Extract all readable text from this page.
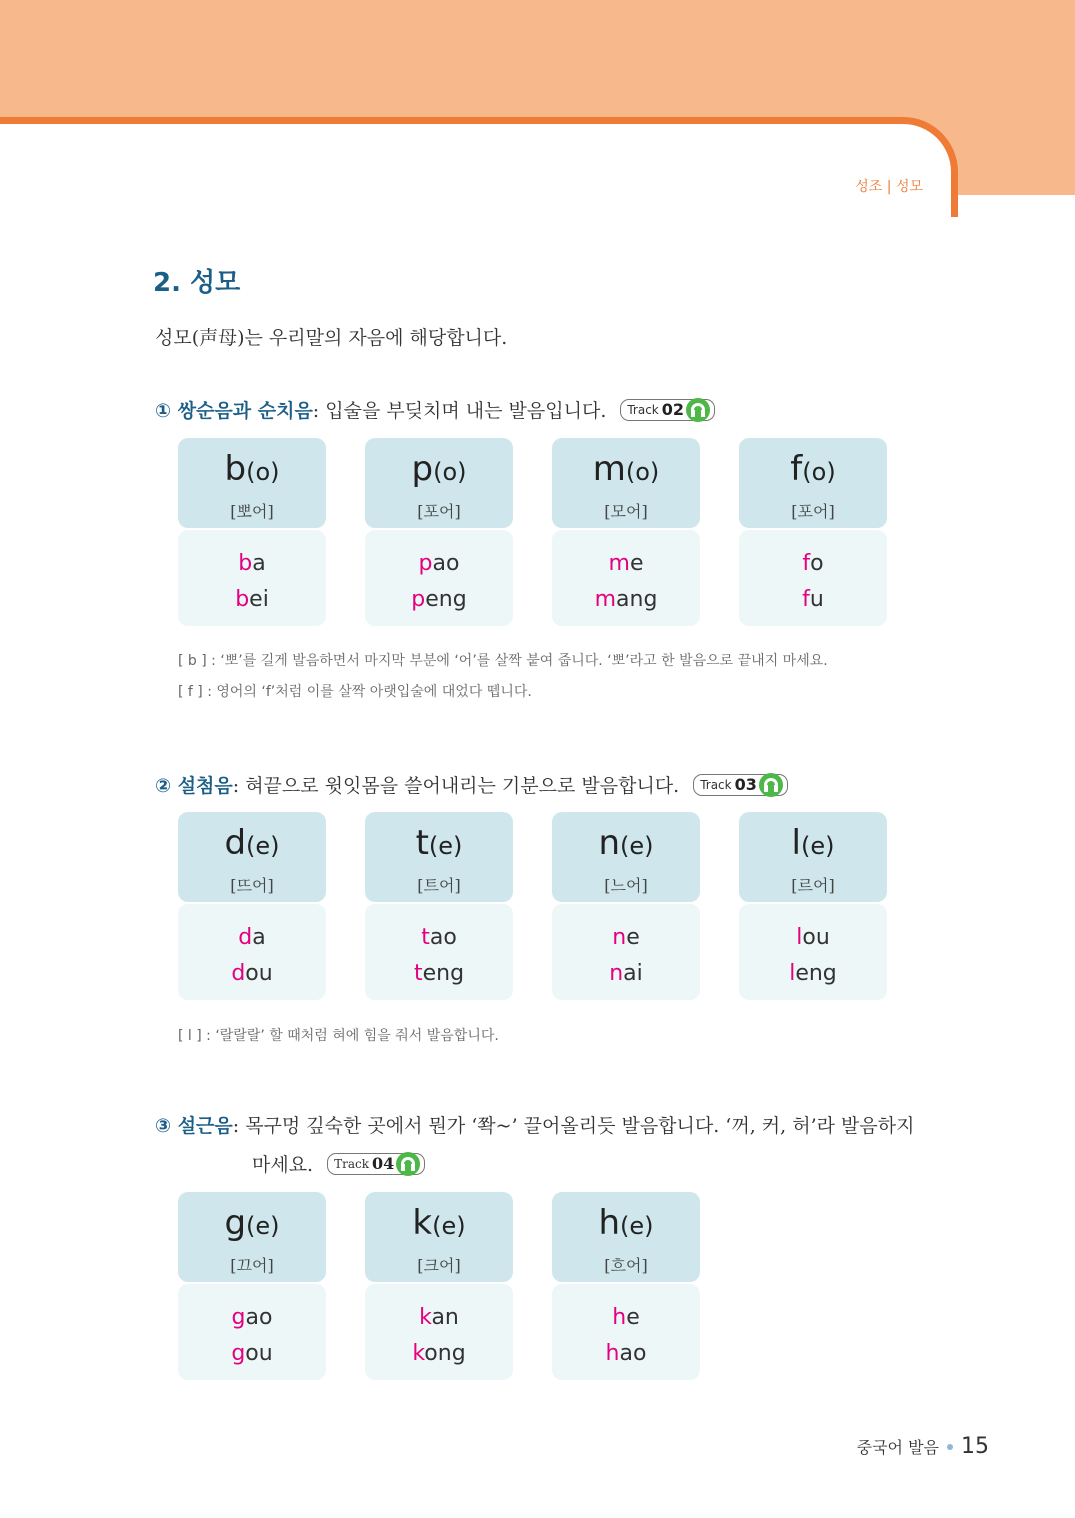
성조 | 성모
2. 성모
성모(声母)는 우리말의 자음에 해당합니다.
① 쌍순음과 순치음 : 입술을 부딪치며 내는 발음입니다. Track 02
b(o)
[뽀어]
ba
bei
p(o)
[포어]
pao
peng
m(o)
[모어]
me
mang
f(o)
[포어]
fo
fu
[ b ] : ‘뽀’를 길게 발음하면서 마지막 부분에 ‘어’를 살짝 붙여 줍니다. ‘뽀’라고 한 발음으로 끝내지 마세요.
[ f ] : 영어의 ‘f’처럼 이를 살짝 아랫입술에 대었다 뗍니다.
② 설첨음 : 혀끝으로 윗잇몸을 쓸어내리는 기분으로 발음합니다. Track 03
d(e)
[뜨어]
da
dou
t(e)
[트어]
tao
teng
n(e)
[느어]
ne
nai
l(e)
[르어]
lou
leng
[ l ] : ‘랄랄랄’ 할 때처럼 혀에 힘을 줘서 발음합니다.
③ 설근음 : 목구멍 깊숙한 곳에서 뭔가 ‘쫙~’ 끌어올리듯 발음합니다. ‘꺼, 커, 허’라 발음하지
마세요. Track 04
g(e)
[끄어]
gao
gou
k(e)
[크어]
kan
kong
h(e)
[흐어]
he
hao
중국어 발음 15
